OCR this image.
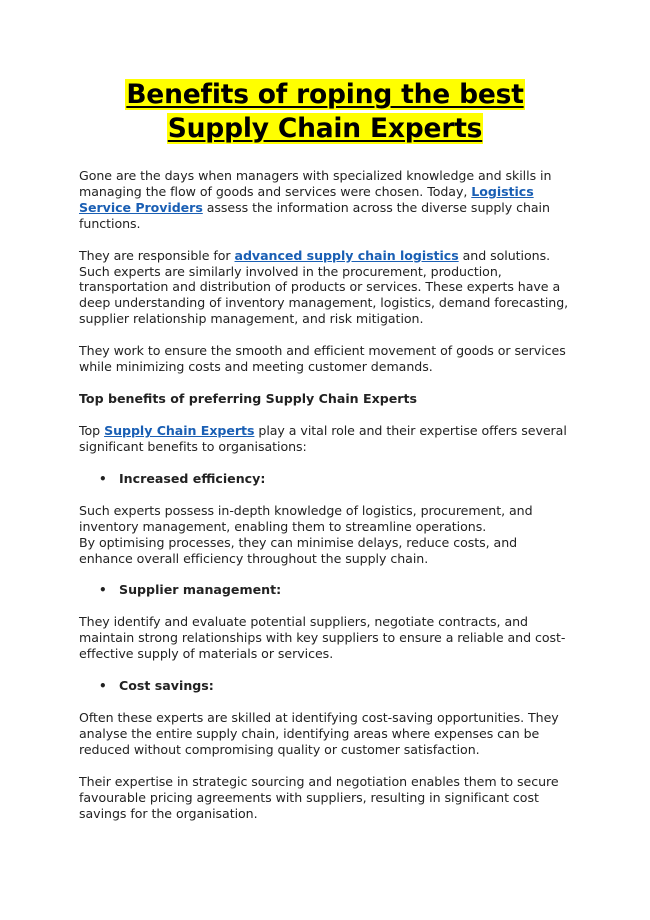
Benefits of roping the best
Supply Chain Experts

Gone are the days when managers with specialized knowledge and skills in managing the flow of goods and services were chosen. Today, Logistics Service Providers assess the information across the diverse supply chain functions.

They are responsible for advanced supply chain logistics and solutions. Such experts are similarly involved in the procurement, production, transportation and distribution of products or services. These experts have a deep understanding of inventory management, logistics, demand forecasting, supplier relationship management, and risk mitigation.

They work to ensure the smooth and efficient movement of goods or services while minimizing costs and meeting customer demands.

Top benefits of preferring Supply Chain Experts

Top Supply Chain Experts play a vital role and their expertise offers several significant benefits to organisations:

• Increased efficiency:

Such experts possess in-depth knowledge of logistics, procurement, and inventory management, enabling them to streamline operations.
By optimising processes, they can minimise delays, reduce costs, and enhance overall efficiency throughout the supply chain.

• Supplier management:

They identify and evaluate potential suppliers, negotiate contracts, and maintain strong relationships with key suppliers to ensure a reliable and cost-effective supply of materials or services.

• Cost savings:

Often these experts are skilled at identifying cost-saving opportunities. They analyse the entire supply chain, identifying areas where expenses can be reduced without compromising quality or customer satisfaction.

Their expertise in strategic sourcing and negotiation enables them to secure favourable pricing agreements with suppliers, resulting in significant cost savings for the organisation.
